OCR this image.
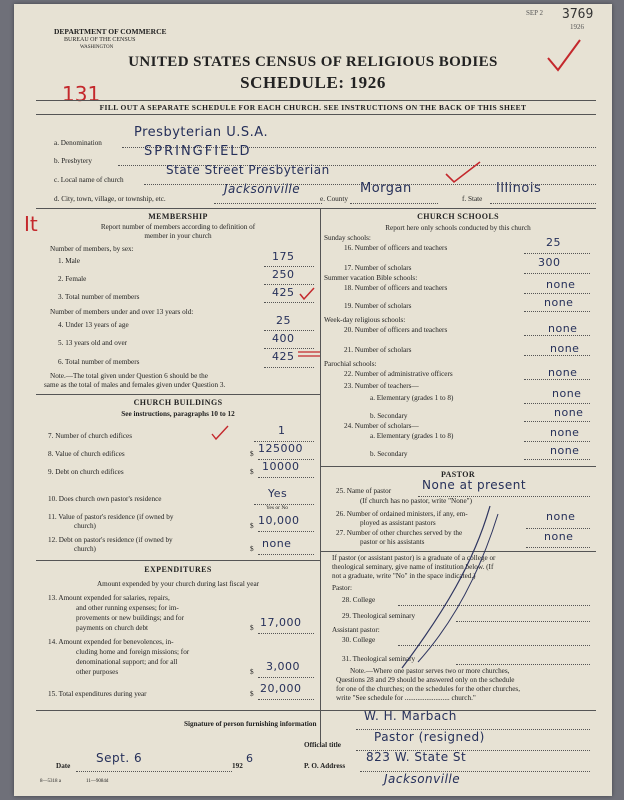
DEPARTMENT OF COMMERCE
BUREAU OF THE CENSUS
WASHINGTON
SEP 2 3769
1926
UNITED STATES CENSUS OF RELIGIOUS BODIES
SCHEDULE: 1926
131
It
FILL OUT A SEPARATE SCHEDULE FOR EACH CHURCH. SEE INSTRUCTIONS ON THE BACK OF THIS SHEET
a. Denomination
Presbyterian U.S.A.
b. Presbytery
SPRINGFIELD
c. Local name of church
State Street Presbyterian
d. City, town, village, or township, etc.
Jacksonville
e. County
Morgan
f. State
Illinois
MEMBERSHIP
Report number of members according to definition of
member in your church
Number of members, by sex:
1. Male	175
2. Female	250
3. Total number of members	425
Number of members under and over 13 years old:
4. Under 13 years of age	25
5. 13 years old and over	400
6. Total number of members	425
Note.—The total given under Question 6 should be the
same as the total of males and females given under Question 3.
CHURCH BUILDINGS
See instructions, paragraphs 10 to 12
7. Number of church edifices	1
8. Value of church edifices	$ 125000
9. Debt on church edifices	$ 10000
10. Does church own pastor's residence	Yes
Yes or No
11. Value of pastor's residence (if owned by
church)	$ 10,000
12. Debt on pastor's residence (if owned by
church)	$ none
EXPENDITURES
Amount expended by your church during last fiscal year
13. Amount expended for salaries, repairs,
and other running expenses; for im-
provements or new buildings; and for
payments on church debt	$ 17,000
14. Amount expended for benevolences, in-
cluding home and foreign missions; for
denominational support; and for all
other purposes	$ 3,000
15. Total expenditures during year	$ 20,000
CHURCH SCHOOLS
Report here only schools conducted by this church
Sunday schools:
16. Number of officers and teachers	25
17. Number of scholars	300
Summer vacation Bible schools:
18. Number of officers and teachers	none
19. Number of scholars	none
Week-day religious schools:
20. Number of officers and teachers	none
21. Number of scholars	none
Parochial schools:
22. Number of administrative officers	none
23. Number of teachers—
a. Elementary (grades 1 to 8)	none
b. Secondary	none
24. Number of scholars—
a. Elementary (grades 1 to 8)	none
b. Secondary	none
PASTOR
25. Name of pastor	None at present
(If church has no pastor, write "None")
26. Number of ordained ministers, if any, em-
ployed as assistant pastors	none
27. Number of other churches served by the
pastor or his assistants	none
If pastor (or assistant pastor) is a graduate of a college or
theological seminary, give name of institution below. (If
not a graduate, write "No" in the space indicated.)
Pastor:
28. College
29. Theological seminary
Assistant pastor:
30. College
31. Theological seminary
Note.—Where one pastor serves two or more churches,
Questions 28 and 29 should be answered only on the schedule
for one of the churches; on the schedules for the other churches,
write "See schedule for ......................... church."
Signature of person furnishing information
W. H. Marbach
Official title
Pastor (resigned)
Date
Sept. 6
192
6
P. O. Address
823 W. State St
Jacksonville
8—5318 a	11—9084d
